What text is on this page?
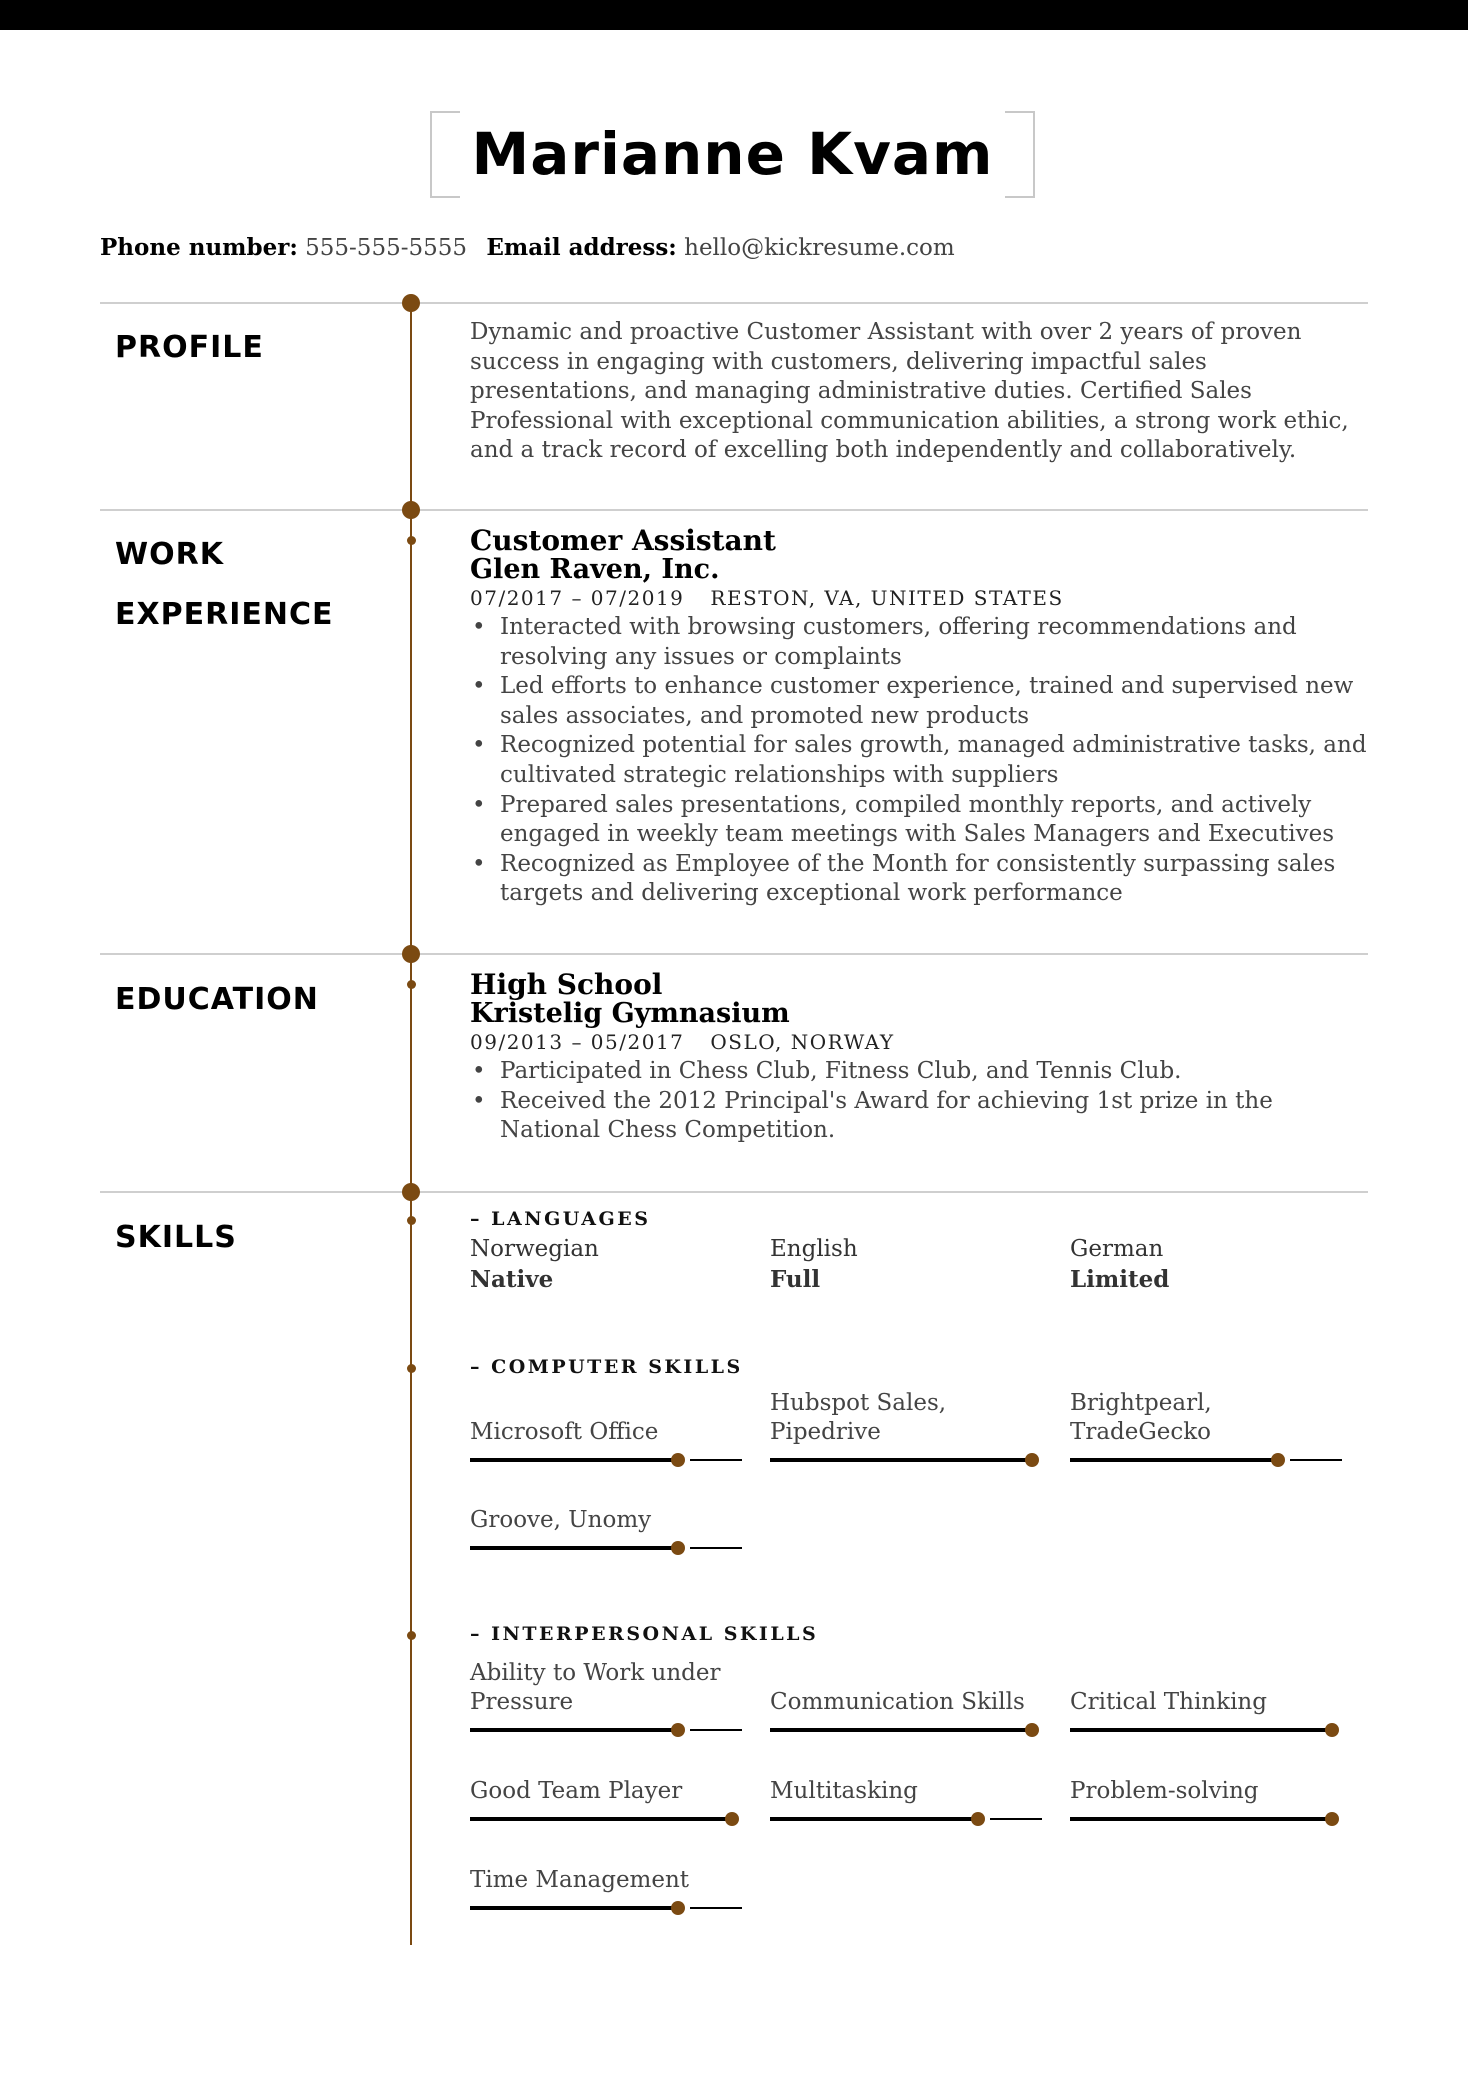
Marianne Kvam
Phone number: 555-555-5555 Email address: hello@kickresume.com
PROFILE	Dynamic and proactive Customer Assistant with over 2 years of proven success in engaging with customers, delivering impactful sales presentations, and managing administrative duties. Certified Sales Professional with exceptional communication abilities, a strong work ethic, and a track record of excelling both independently and collaboratively.

WORK EXPERIENCE
Customer Assistant
Glen Raven, Inc.
07/2017 – 07/2019 RESTON, VA, UNITED STATES
• Interacted with browsing customers, offering recommendations and resolving any issues or complaints
• Led efforts to enhance customer experience, trained and supervised new sales associates, and promoted new products
• Recognized potential for sales growth, managed administrative tasks, and cultivated strategic relationships with suppliers
• Prepared sales presentations, compiled monthly reports, and actively engaged in weekly team meetings with Sales Managers and Executives
• Recognized as Employee of the Month for consistently surpassing sales targets and delivering exceptional work performance
EDUCATION	High School
Kristelig Gymnasium
09/2013 – 05/2017 OSLO, NORWAY
• Participated in Chess Club, Fitness Club, and Tennis Club.
• Received the 2012 Principal's Award for achieving 1st prize in the National Chess Competition.
SKILLS
– LANGUAGES
Norwegian
Native
English
Full
German
Limited
– COMPUTER SKILLS
Microsoft Office
Hubspot Sales, Pipedrive
Brightpearl, TradeGecko
Groove, Unomy
– INTERPERSONAL SKILLS
Ability to Work under Pressure	Communication Skills	Critical Thinking
Good Team Player	Multitasking	Problem-solving
Time Management
